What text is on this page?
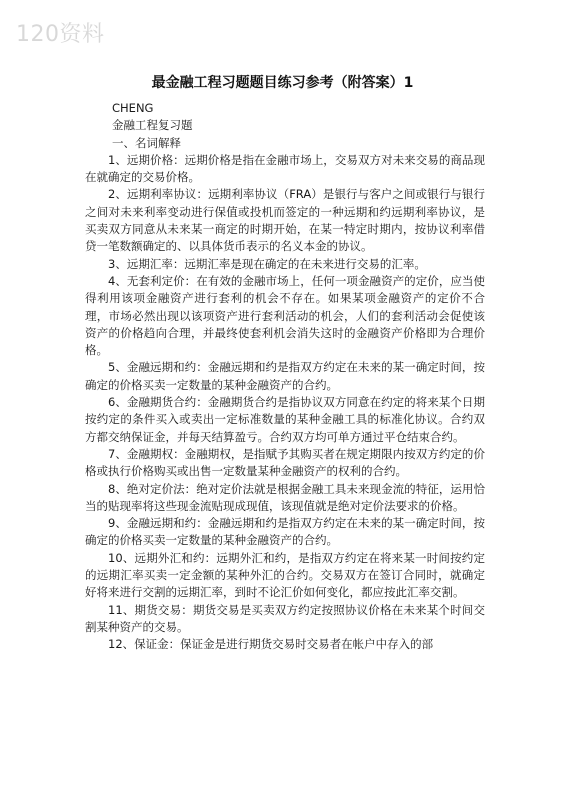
120资料
最金融工程习题题目练习参考（附答案）1
CHENG
金融工程复习题
一、名词解释

1、远期价格：远期价格是指在金融市场上，交易双方对未来交易的商品现在就确定的交易价格。

2、远期利率协议：远期利率协议（FRA）是银行与客户之间或银行与银行之间对未来利率变动进行保值或投机而签定的一种远期和约远期利率协议，是买卖双方同意从未来某一商定的时期开始，在某一特定时期内，按协议利率借贷一笔数额确定的、以具体货币表示的名义本金的协议。

3、远期汇率：远期汇率是现在确定的在未来进行交易的汇率。

4、无套利定价：在有效的金融市场上，任何一项金融资产的定价，应当使得利用该项金融资产进行套利的机会不存在。如果某项金融资产的定价不合理，市场必然出现以该项资产进行套利活动的机会，人们的套利活动会促使该资产的价格趋向合理，并最终使套利机会消失这时的金融资产价格即为合理价格。

5、金融远期和约：金融远期和约是指双方约定在未来的某一确定时间，按确定的价格买卖一定数量的某种金融资产的合约。

6、金融期货合约：金融期货合约是指协议双方同意在约定的将来某个日期按约定的条件买入或卖出一定标准数量的某种金融工具的标准化协议。合约双方都交纳保证金，并每天结算盈亏。合约双方均可单方通过平仓结束合约。

7、金融期权：金融期权，是指赋予其购买者在规定期限内按双方约定的价格或执行价格购买或出售一定数量某种金融资产的权利的合约。

8、绝对定价法：绝对定价法就是根据金融工具未来现金流的特征，运用恰当的贴现率将这些现金流贴现成现值，该现值就是绝对定价法要求的价格。

9、金融远期和约：金融远期和约是指双方约定在未来的某一确定时间，按确定的价格买卖一定数量的某种金融资产的合约。

10、远期外汇和约：远期外汇和约，是指双方约定在将来某一时间按约定的远期汇率买卖一定金额的某种外汇的合约。交易双方在签订合同时，就确定好将来进行交割的远期汇率，到时不论汇价如何变化，都应按此汇率交割。

11、期货交易：期货交易是买卖双方约定按照协议价格在未来某个时间交割某种资产的交易。

12、保证金：保证金是进行期货交易时交易者在帐户中存入的部
